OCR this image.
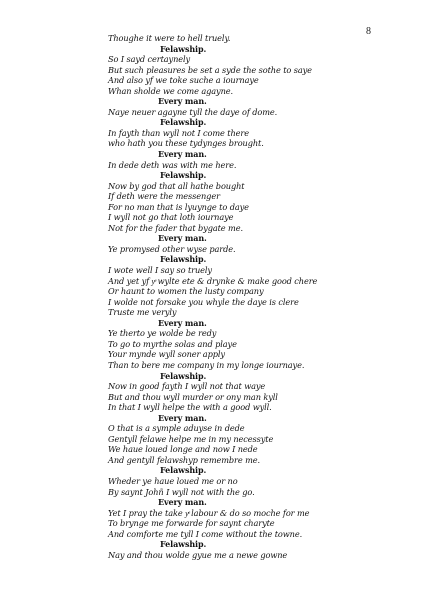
8
Thoughe it were to hell truely.
Felawship.
So I sayd certaynely
But such pleasures be set a syde the sothe to saye
And also yf we toke suche a iournaye
Whan sholde we come agayne.
Every man.
Naye neuer agayne tyll the daye of dome.
Felawship.
In fayth than wyll not I come there
who hath you these tydynges brought.
Every man.
In dede deth was with me here.
Felawship.
Now by god that all hathe bought
If deth were the messenger
For no man that is lyuynge to daye
I wyll not go that loth iournaye
Not for the fader that bygate me.
Every man.
Ye promysed other wyse parde.
Felawship.
I wote well I say so truely
And yet yf yͤ wylte ete & drynke & make good chere
Or haunt to women the lusty company
I wolde not forsake you whyle the daye is clere
Truste me veryly
Every man.
Ye therto ye wolde be redy
To go to myrthe solas and playe
Your mynde wyll soner apply
Than to bere me company in my longe iournaye.
Felawship.
Now in good fayth I wyll not that waye
But and thou wyll murder or ony man kyll
In that I wyll helpe the with a good wyll.
Every man.
O that is a symple aduyse in dede
Gentyll felawe helpe me in my necessyte
We haue loued longe and now I nede
And gentyll felawshyp remembre me.
Felawship.
Wheder ye haue loued me or no
By saynt Johñ I wyll not with the go.
Every man.
Yet I pray the take yͤ labour & do so moche for me
To brynge me forwarde for saynt charyte
And comforte me tyll I come without the towne.
Felawship.
Nay and thou wolde gyue me a newe gowne
